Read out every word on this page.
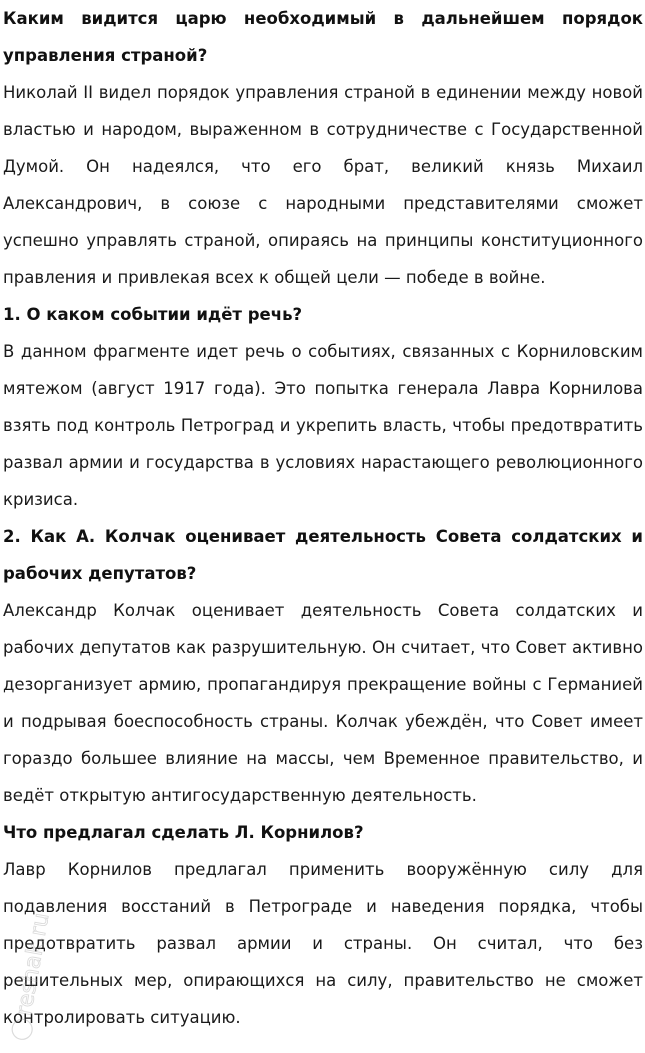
Каким видится царю необходимый в дальнейшем порядок управления страной?

Николай II видел порядок управления страной в единении между новой властью и народом, выраженном в сотрудничестве с Государственной Думой. Он надеялся, что его брат, великий князь Михаил Александрович, в союзе с народными представителями сможет успешно управлять страной, опираясь на принципы конституционного правления и привлекая всех к общей цели — победе в войне.

1. О каком событии идёт речь?

В данном фрагменте идет речь о событиях, связанных с Корниловским мятежом (август 1917 года). Это попытка генерала Лавра Корнилова взять под контроль Петроград и укрепить власть, чтобы предотвратить развал армии и государства в условиях нарастающего революционного кризиса.

2. Как А. Колчак оценивает деятельность Совета солдатских и рабочих депутатов?

Александр Колчак оценивает деятельность Совета солдатских и рабочих депутатов как разрушительную. Он считает, что Совет активно дезорганизует армию, пропагандируя прекращение войны с Германией и подрывая боеспособность страны. Колчак убеждён, что Совет имеет гораздо большее влияние на массы, чем Временное правительство, и ведёт открытую антигосударственную деятельность.

Что предлагал сделать Л. Корнилов?

Лавр Корнилов предлагал применить вооружённую силу для подавления восстаний в Петрограде и наведения порядка, чтобы предотвратить развал армии и страны. Он считал, что без решительных мер, опирающихся на силу, правительство не сможет контролировать ситуацию.

reshak.ru
